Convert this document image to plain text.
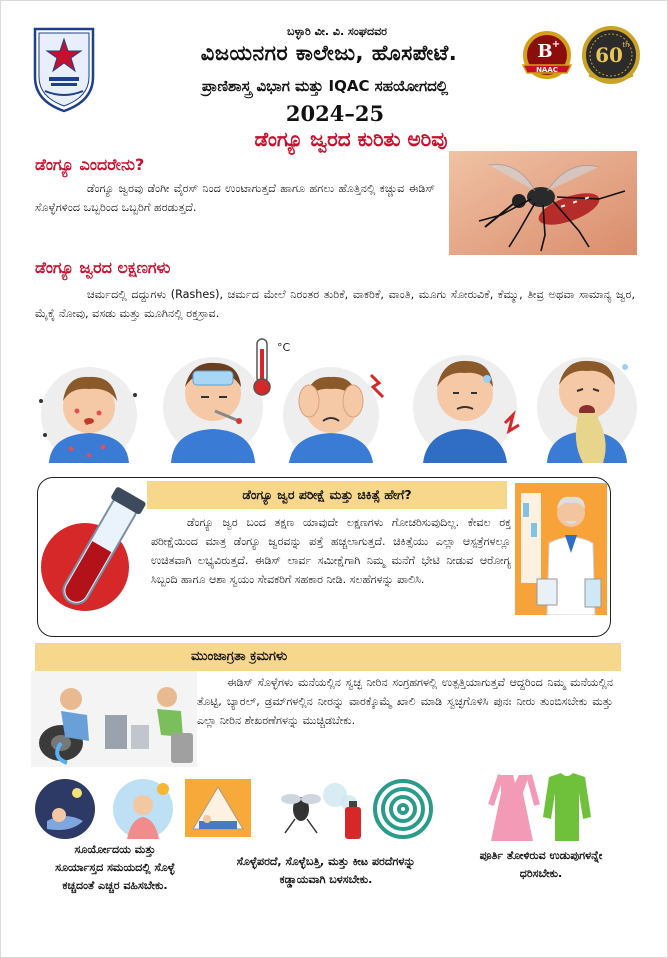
ಬಳ್ಳಾರಿ ವೀ. ವಿ. ಸಂಘದವರ
ವಿಜಯನಗರ ಕಾಲೇಜು, ಹೊಸಪೇಟೆ.
ಪ್ರಾಣಿಶಾಸ್ತ್ರ ವಿಭಾಗ ಮತ್ತು IQAC ಸಹಯೋಗದಲ್ಲಿ
2024–25
ಡೆಂಗ್ಯೂ ಜ್ವರದ ಕುರಿತು ಅರಿವು
B +
NAAC
60 th
ಡೆಂಗ್ಯೂ ಎಂದರೇನು?
ಡೆಂಗ್ಯೂ ಜ್ವರವು ಡೆಂಗೀ ವೈರಸ್ ನಿಂದ ಉಂಟಾಗುತ್ತದೆ ಹಾಗೂ ಹಗಲು ಹೊತ್ತಿನಲ್ಲಿ ಕಚ್ಚುವ ಈಡಿಸ್ ಸೊಳ್ಳೆಗಳಿಂದ ಒಬ್ಬರಿಂದ ಒಬ್ಬರಿಗೆ ಹರಡುತ್ತದೆ.
ಡೆಂಗ್ಯೂ ಜ್ವರದ ಲಕ್ಷಣಗಳು
ಚರ್ಮದಲ್ಲಿ ದದ್ದುಗಳು (Rashes), ಚರ್ಮದ ಮೇಲೆ ನಿರಂತರ ತುರಿಕೆ, ವಾಕರಿಕೆ, ವಾಂತಿ, ಮೂಗು ಸೋರುವಿಕೆ, ಕೆಮ್ಮು, ತೀವ್ರ ಅಥವಾ ಸಾಮಾನ್ಯ ಜ್ವರ, ಮೈಕೈ ನೋವು, ವಸಡು ಮತ್ತು ಮೂಗಿನಲ್ಲಿ ರಕ್ತಸ್ರಾವ.
°C
ಡೆಂಗ್ಯೂ ಜ್ವರ ಪರೀಕ್ಷೆ ಮತ್ತು ಚಿಕಿತ್ಸೆ ಹೇಗೆ?
ಡೆಂಗ್ಯೂ ಜ್ವರ ಬಂದ ತಕ್ಷಣ ಯಾವುದೇ ಲಕ್ಷಣಗಳು ಗೋಚರಿಸುವುದಿಲ್ಲ. ಕೇವಲ ರಕ್ತ ಪರೀಕ್ಷೆಯಿಂದ ಮಾತ್ರ ಡೆಂಗ್ಯೂ ಜ್ವರವನ್ನು ಪತ್ತೆ ಹಚ್ಚಲಾಗುತ್ತದೆ. ಚಿಕಿತ್ಸೆಯು ಎಲ್ಲಾ ಆಸ್ಪತ್ರೆಗಳಲ್ಲೂ ಉಚಿತವಾಗಿ ಲಭ್ಯವಿರುತ್ತದೆ. ಈಡಿಸ್ ಲಾರ್ವ ಸಮೀಕ್ಷೆಗಾಗಿ ನಿಮ್ಮ ಮನೆಗೆ ಭೇಟಿ ನೀಡುವ ಆರೋಗ್ಯ ಸಿಬ್ಬಂದಿ ಹಾಗೂ ಆಶಾ ಸ್ವಯಂ ಸೇವಕರಿಗೆ ಸಹಕಾರ ನೀಡಿ. ಸಲಹೆಗಳನ್ನು ಪಾಲಿಸಿ.
ಮುಂಜಾಗ್ರತಾ ಕ್ರಮಗಳು
ಈಡಿಸ್ ಸೊಳ್ಳೆಗಳು ಮನೆಯಲ್ಲಿನ ಸ್ವಚ್ಛ ನೀರಿನ ಸಂಗ್ರಹಗಳಲ್ಲಿ ಉತ್ಪತ್ತಿಯಾಗುತ್ತವೆ ಆದ್ದರಿಂದ ನಿಮ್ಮ ಮನೆಯಲ್ಲಿನ ತೊಟ್ಟಿ, ಬ್ಯಾರಲ್, ಡ್ರಮ್‌ಗಳಲ್ಲಿನ ನೀರನ್ನು ವಾರಕ್ಕೊಮ್ಮೆ ಖಾಲಿ ಮಾಡಿ ಸ್ವಚ್ಛಗೊಳಿಸಿ ಪುನಃ ನೀರು ತುಂಬಿಸಬೇಕು ಮತ್ತು ಎಲ್ಲಾ ನೀರಿನ ಶೇಖರಣೆಗಳನ್ನು ಮುಚ್ಚಿಡಬೇಕು.
ಸೂರ್ಯೋದಯ ಮತ್ತು ಸೂರ್ಯಾಸ್ತದ ಸಮಯದಲ್ಲಿ ಸೊಳ್ಳೆ ಕಚ್ಚದಂತೆ ಎಚ್ಚರ ವಹಿಸಬೇಕು.
ಸೊಳ್ಳೆಪರದೆ, ಸೊಳ್ಳೆಬತ್ತಿ, ಮತ್ತು ಕೀಟ ಪರದೆಗಳನ್ನು ಕಡ್ಡಾಯವಾಗಿ ಬಳಸಬೇಕು.
ಪೂರ್ತಿ ತೋಳಿರುವ ಉಡುಪುಗಳನ್ನೇ ಧರಿಸಬೇಕು.
